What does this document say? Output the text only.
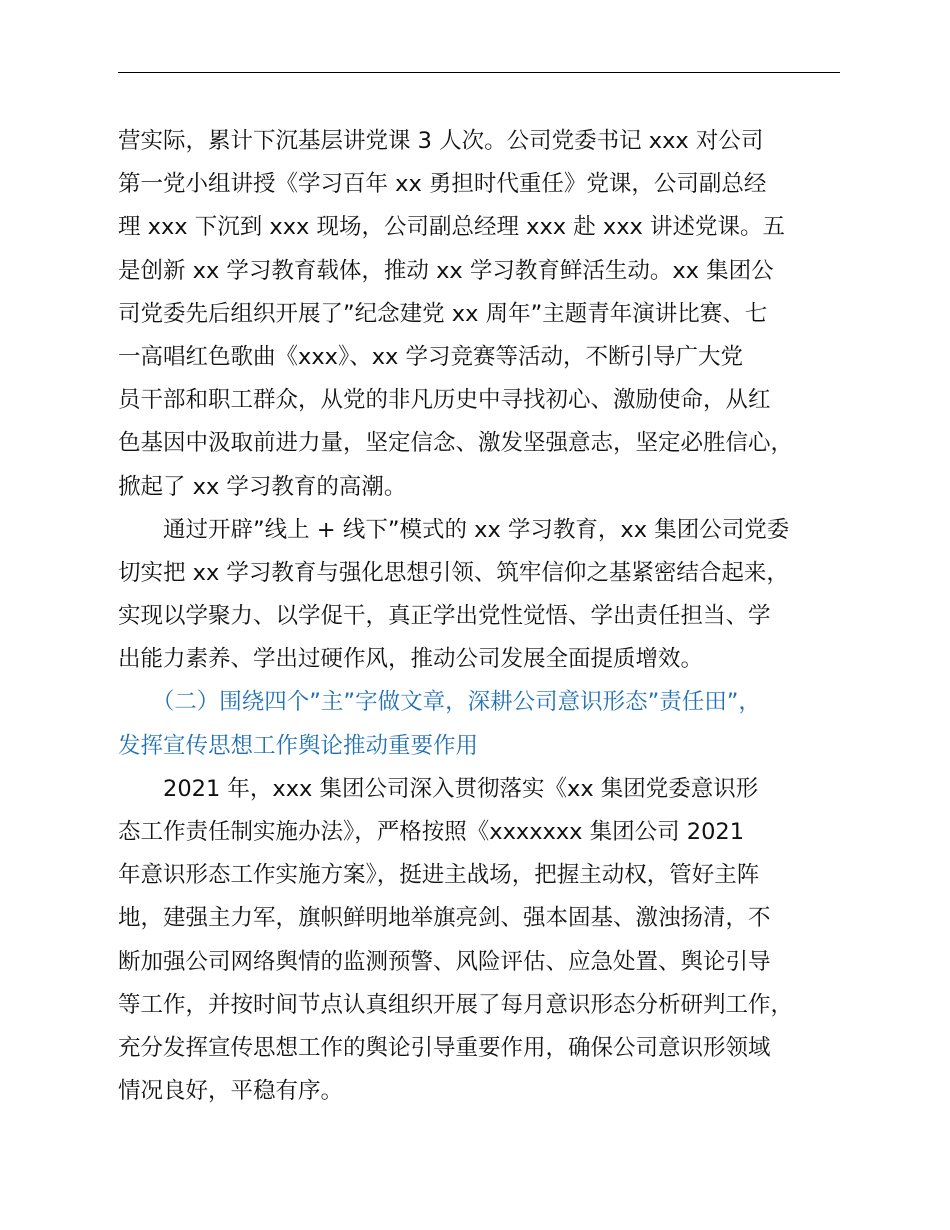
营实际，累计下沉基层讲党课 3 人次。公司党委书记 xxx 对公司
第一党小组讲授《学习百年 xx 勇担时代重任》党课，公司副总经
理 xxx 下沉到 xxx 现场，公司副总经理 xxx 赴 xxx 讲述党课。五
是创新 xx 学习教育载体，推动 xx 学习教育鲜活生动。xx 集团公
司党委先后组织开展了”纪念建党 xx 周年”主题青年演讲比赛、七
一高唱红色歌曲《xxx》、xx 学习竞赛等活动，不断引导广大党
员干部和职工群众，从党的非凡历史中寻找初心、激励使命，从红
色基因中汲取前进力量，坚定信念、激发坚强意志，坚定必胜信心，
掀起了 xx 学习教育的高潮。
　　通过开辟”线上 + 线下”模式的 xx 学习教育，xx 集团公司党委
切实把 xx 学习教育与强化思想引领、筑牢信仰之基紧密结合起来，
实现以学聚力、以学促干，真正学出党性觉悟、学出责任担当、学
出能力素养、学出过硬作风，推动公司发展全面提质增效。
　　（二）围绕四个”主”字做文章，深耕公司意识形态”责任田”，
发挥宣传思想工作舆论推动重要作用
　　2021 年，xxx 集团公司深入贯彻落实《xx 集团党委意识形
态工作责任制实施办法》，严格按照《xxxxxxx 集团公司 2021
年意识形态工作实施方案》，挺进主战场，把握主动权，管好主阵
地，建强主力军，旗帜鲜明地举旗亮剑、强本固基、激浊扬清，不
断加强公司网络舆情的监测预警、风险评估、应急处置、舆论引导
等工作，并按时间节点认真组织开展了每月意识形态分析研判工作，
充分发挥宣传思想工作的舆论引导重要作用，确保公司意识形领域
情况良好，平稳有序。
